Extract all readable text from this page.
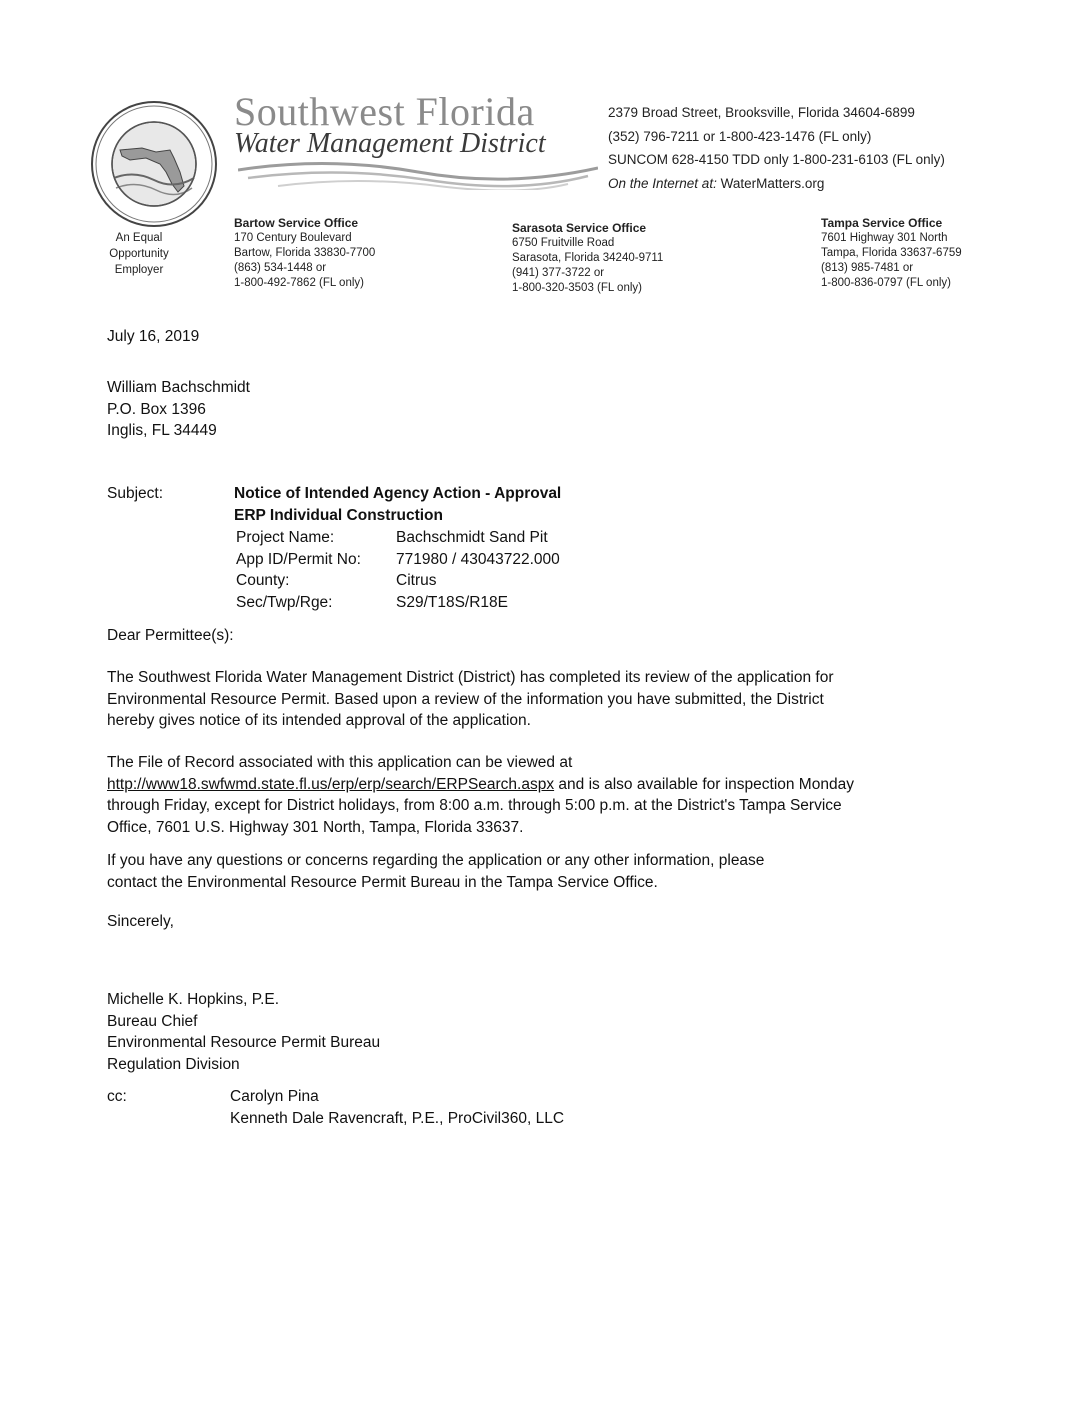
Southwest Florida
Water Management District
2379 Broad Street, Brooksville, Florida 34604-6899
(352) 796-7211 or 1-800-423-1476 (FL only)
SUNCOM 628-4150 TDD only 1-800-231-6103 (FL only)
On the Internet at: WaterMatters.org
An Equal
Opportunity
Employer
Bartow Service Office
170 Century Boulevard
Bartow, Florida 33830-7700
(863) 534-1448 or
1-800-492-7862 (FL only)
Sarasota Service Office
6750 Fruitville Road
Sarasota, Florida 34240-9711
(941) 377-3722 or
1-800-320-3503 (FL only)
Tampa Service Office
7601 Highway 301 North
Tampa, Florida 33637-6759
(813) 985-7481 or
1-800-836-0797 (FL only)
July 16, 2019
William Bachschmidt
P.O. Box 1396
Inglis, FL 34449
Subject:	Notice of Intended Agency Action - Approval
ERP Individual Construction
Project Name:	Bachschmidt Sand Pit
App ID/Permit No:	771980 / 43043722.000
County:	Citrus
Sec/Twp/Rge:	S29/T18S/R18E
Dear Permittee(s):
The Southwest Florida Water Management District (District) has completed its review of the application for
Environmental Resource Permit. Based upon a review of the information you have submitted, the District
hereby gives notice of its intended approval of the application.
The File of Record associated with this application can be viewed at
http://www18.swfwmd.state.fl.us/erp/erp/search/ERPSearch.aspx and is also available for inspection Monday
through Friday, except for District holidays, from 8:00 a.m. through 5:00 p.m. at the District's Tampa Service
Office, 7601 U.S. Highway 301 North, Tampa, Florida 33637.
If you have any questions or concerns regarding the application or any other information, please
contact the Environmental Resource Permit Bureau in the Tampa Service Office.
Sincerely,
Michelle K. Hopkins, P.E.
Bureau Chief
Environmental Resource Permit Bureau
Regulation Division
cc:	Carolyn Pina
Kenneth Dale Ravencraft, P.E., ProCivil360, LLC
